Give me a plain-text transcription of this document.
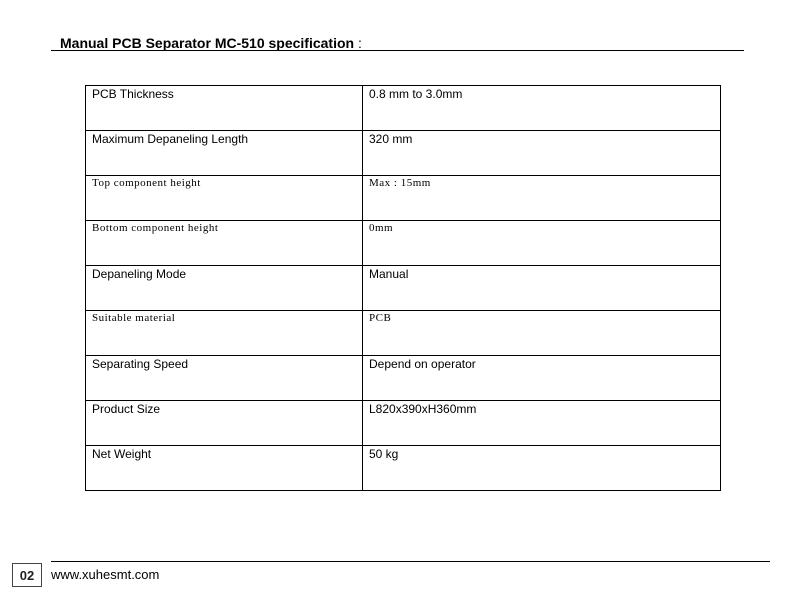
Manual PCB Separator MC-510 specification :
PCB Thickness	0.8 mm to 3.0mm
Maximum Depaneling Length	320 mm
Top component height	Max : 15mm
Bottom component height	0mm
Depaneling Mode	Manual
Suitable material	PCB
Separating Speed	Depend on operator
Product Size	L820x390xH360mm
Net Weight	50 kg
02	www.xuhesmt.com
